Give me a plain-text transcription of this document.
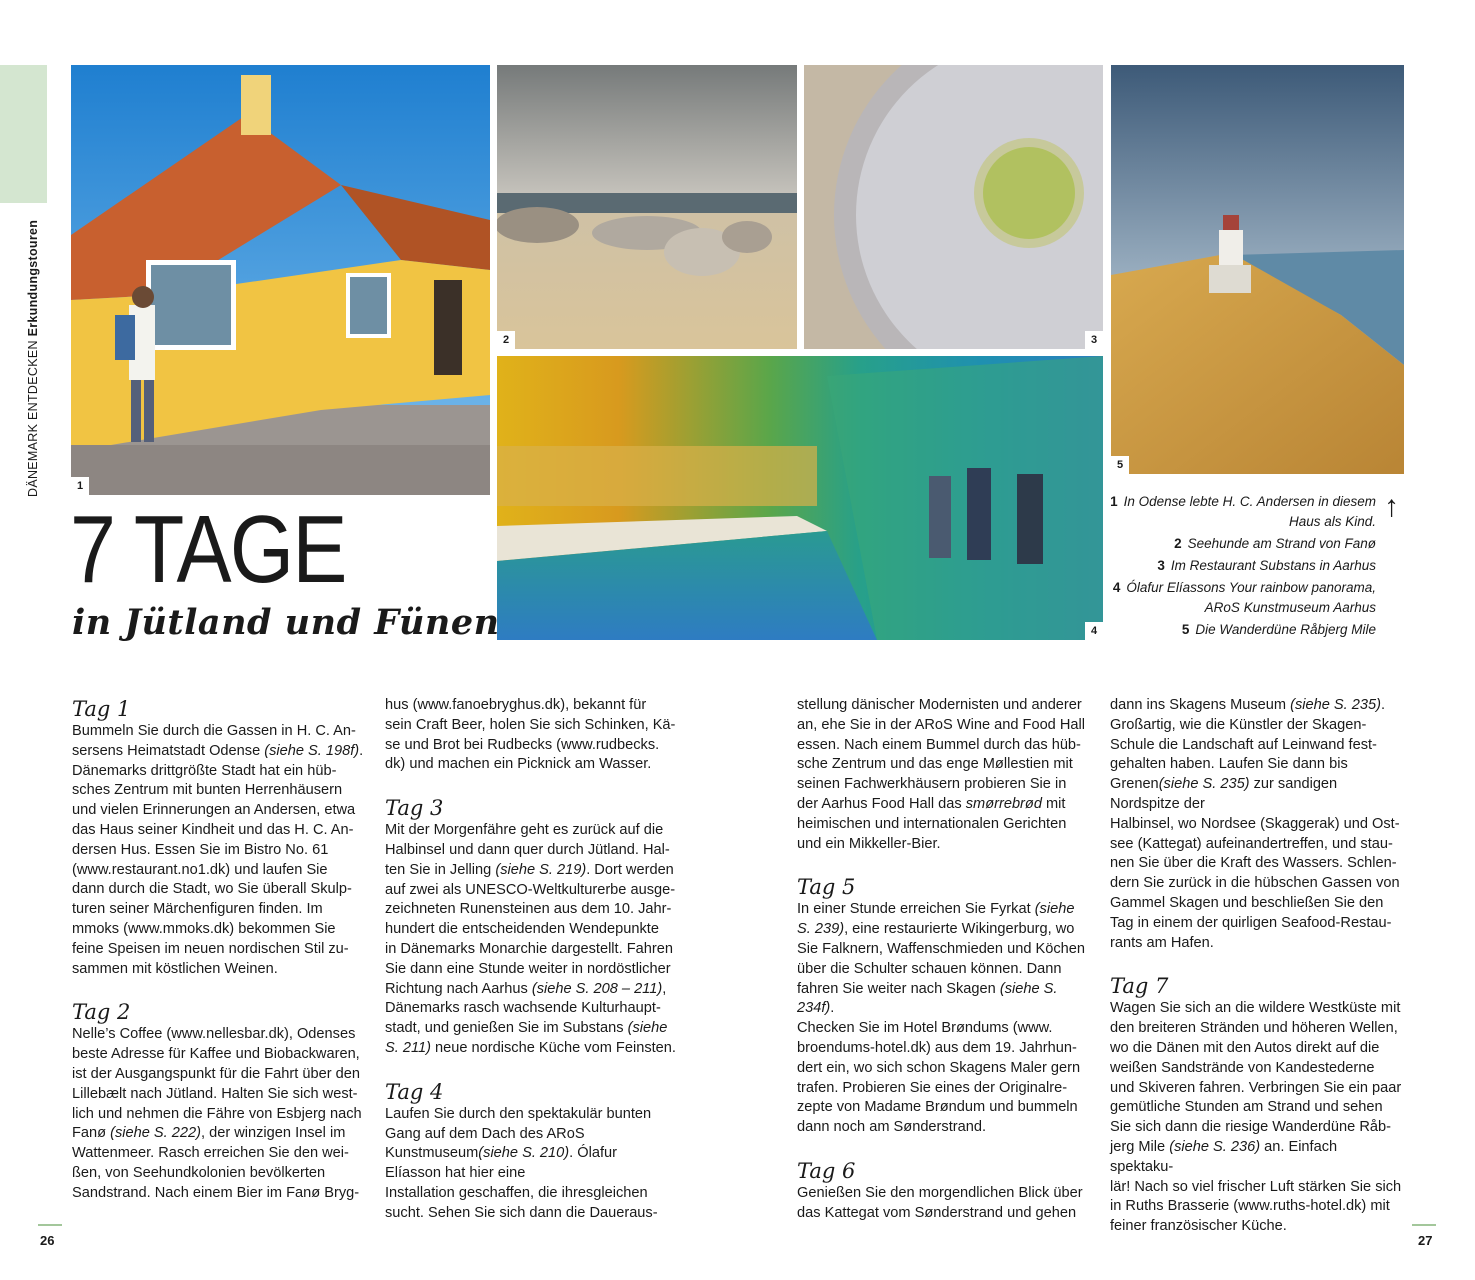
DÄNEMARK ENTDECKEN Erkundungstouren
1
2	3
4
5
7 TAGE
in Jütland und Fünen
↑
1 In Odense lebte H. C. Andersen in diesem Haus als Kind.
2 Seehunde am Strand von Fanø
3 Im Restaurant Substans in Aarhus
4 Ólafur Elíassons Your rainbow panorama, ARoS Kunstmuseum Aarhus
5 Die Wanderdüne Råbjerg Mile
Tag 1
Bummeln Sie durch die Gassen in H. C. An-
sersens Heimatstadt Odense (siehe S. 198f).
Dänemarks drittgrößte Stadt hat ein hüb-
sches Zentrum mit bunten Herrenhäusern
und vielen Erinnerungen an Andersen, etwa
das Haus seiner Kindheit und das H. C. An-
dersen Hus. Essen Sie im Bistro No. 61
(www.restaurant.no1.dk) und laufen Sie
dann durch die Stadt, wo Sie überall Skulp-
turen seiner Märchenfiguren finden. Im
mmoks (www.mmoks.dk) bekommen Sie
feine Speisen im neuen nordischen Stil zu-
sammen mit köstlichen Weinen.
Tag 2
Nelle’s Coffee (www.nellesbar.dk), Odenses
beste Adresse für Kaffee und Biobackwaren,
ist der Ausgangspunkt für die Fahrt über den
Lillebælt nach Jütland. Halten Sie sich west-
lich und nehmen die Fähre von Esbjerg nach
Fanø (siehe S. 222), der winzigen Insel im
Wattenmeer. Rasch erreichen Sie den wei-
ßen, von Seehundkolonien bevölkerten
Sandstrand. Nach einem Bier im Fanø Bryg-
hus (www.fanoebryghus.dk), bekannt für
sein Craft Beer, holen Sie sich Schinken, Kä-
se und Brot bei Rudbecks (www.rudbecks.
dk) und machen ein Picknick am Wasser.
Tag 3
Mit der Morgenfähre geht es zurück auf die
Halbinsel und dann quer durch Jütland. Hal-
ten Sie in Jelling (siehe S. 219). Dort werden
auf zwei als UNESCO-Weltkulturerbe ausge-
zeichneten Runensteinen aus dem 10. Jahr-
hundert die entscheidenden Wendepunkte
in Dänemarks Monarchie dargestellt. Fahren
Sie dann eine Stunde weiter in nordöstlicher
Richtung nach Aarhus (siehe S. 208 – 211),
Dänemarks rasch wachsende Kulturhaupt-
stadt, und genießen Sie im Substans (siehe
S. 211) neue nordische Küche vom Feinsten.
Tag 4
Laufen Sie durch den spektakulär bunten
Gang auf dem Dach des ARoS Kunstmuseum(siehe S. 210). Ólafur Elíasson hat hier eine
Installation geschaffen, die ihresgleichen
sucht. Sehen Sie sich dann die Daueraus-
stellung dänischer Modernisten und anderer
an, ehe Sie in der ARoS Wine and Food Hall
essen. Nach einem Bummel durch das hüb-
sche Zentrum und das enge Møllestien mit
seinen Fachwerkhäusern probieren Sie in
der Aarhus Food Hall das smørrebrød mit
heimischen und internationalen Gerichten
und ein Mikkeller-Bier.
Tag 5
In einer Stunde erreichen Sie Fyrkat (siehe
S. 239), eine restaurierte Wikingerburg, wo
Sie Falknern, Waffenschmieden und Köchen
über die Schulter schauen können. Dann
fahren Sie weiter nach Skagen (siehe S. 234f).
Checken Sie im Hotel Brøndums (www.
broendums-hotel.dk) aus dem 19. Jahrhun-
dert ein, wo sich schon Skagens Maler gern
trafen. Probieren Sie eines der Originalre-
zepte von Madame Brøndum und bummeln
dann noch am Sønderstrand.
Tag 6
Genießen Sie den morgendlichen Blick über
das Kattegat vom Sønderstrand und gehen
dann ins Skagens Museum (siehe S. 235).
Großartig, wie die Künstler der Skagen-
Schule die Landschaft auf Leinwand fest-
gehalten haben. Laufen Sie dann bis Grenen(siehe S. 235) zur sandigen Nordspitze der
Halbinsel, wo Nordsee (Skaggerak) und Ost-
see (Kattegat) aufeinandertreffen, und stau-
nen Sie über die Kraft des Wassers. Schlen-
dern Sie zurück in die hübschen Gassen von
Gammel Skagen und beschließen Sie den
Tag in einem der quirligen Seafood-Restau-
rants am Hafen.
Tag 7
Wagen Sie sich an die wildere Westküste mit
den breiteren Stränden und höheren Wellen,
wo die Dänen mit den Autos direkt auf die
weißen Sandstrände von Kandestederne
und Skiveren fahren. Verbringen Sie ein paar
gemütliche Stunden am Strand und sehen
Sie sich dann die riesige Wanderdüne Råb-
jerg Mile (siehe S. 236) an. Einfach spektaku-
lär! Nach so viel frischer Luft stärken Sie sich
in Ruths Brasserie (www.ruths-hotel.dk) mit
feiner französischer Küche.
26	27
